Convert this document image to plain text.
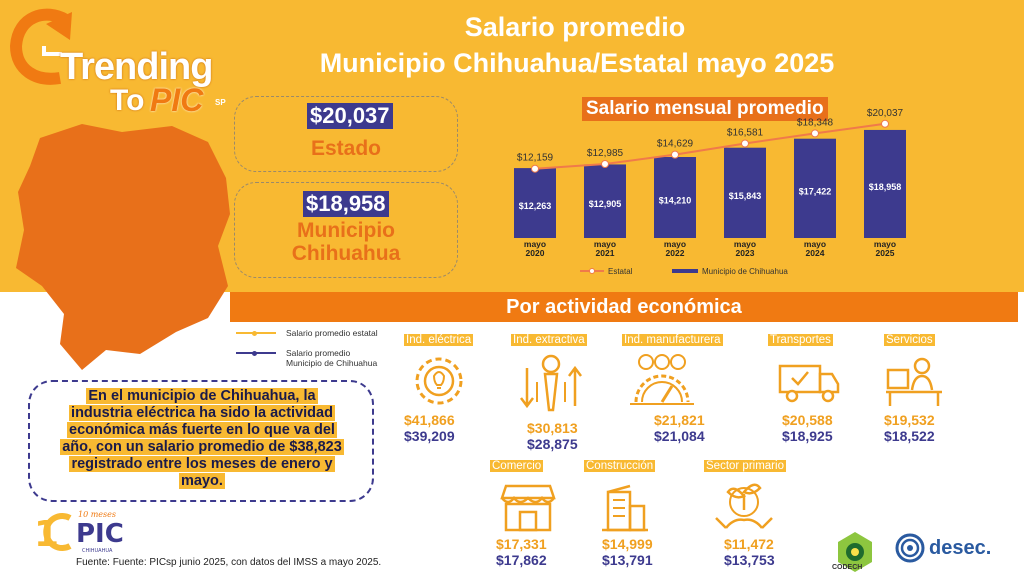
Trending
To PIC SP
Salario promedio
Municipio Chihuahua/Estatal mayo 2025
$20,037
Estado
$18,958
Municipio
Chihuahua
Salario mensual promedio
$12,263	$12,905	$14,210	$15,843	$17,422	$18,958
$12,159	$12,985
$14,629
$16,581
$18,348
$20,037
mayo
2020
mayo
2021
mayo
2022
mayo
2023
mayo
2024
mayo
2025
Estatal	Municipio de Chihuahua
Por actividad económica
Salario promedio estatal
Salario promedio
Municipio de Chihuahua
En el municipio de Chihuahua, la
industria eléctrica ha sido la actividad
económica más fuerte en lo que va del
año, con un salario promedio de $38,823
registrado entre los meses de enero y
mayo.
Ind. eléctrica
$41,866
$39,209
Ind. extractiva
$30,813
$28,875
Ind. manufacturera
$21,821
$21,084
Transportes
$20,588
$18,925
Servicios
$19,532
$18,522
Comercio
$17,331
$17,862
Construcción
$14,999
$13,791
Sector primario
$11,472
$13,753
1 PIC
10 meses
CHIHUAHUA
Fuente: Fuente: PICsp junio 2025, con datos del IMSS a mayo 2025.	CODECH
desec.
